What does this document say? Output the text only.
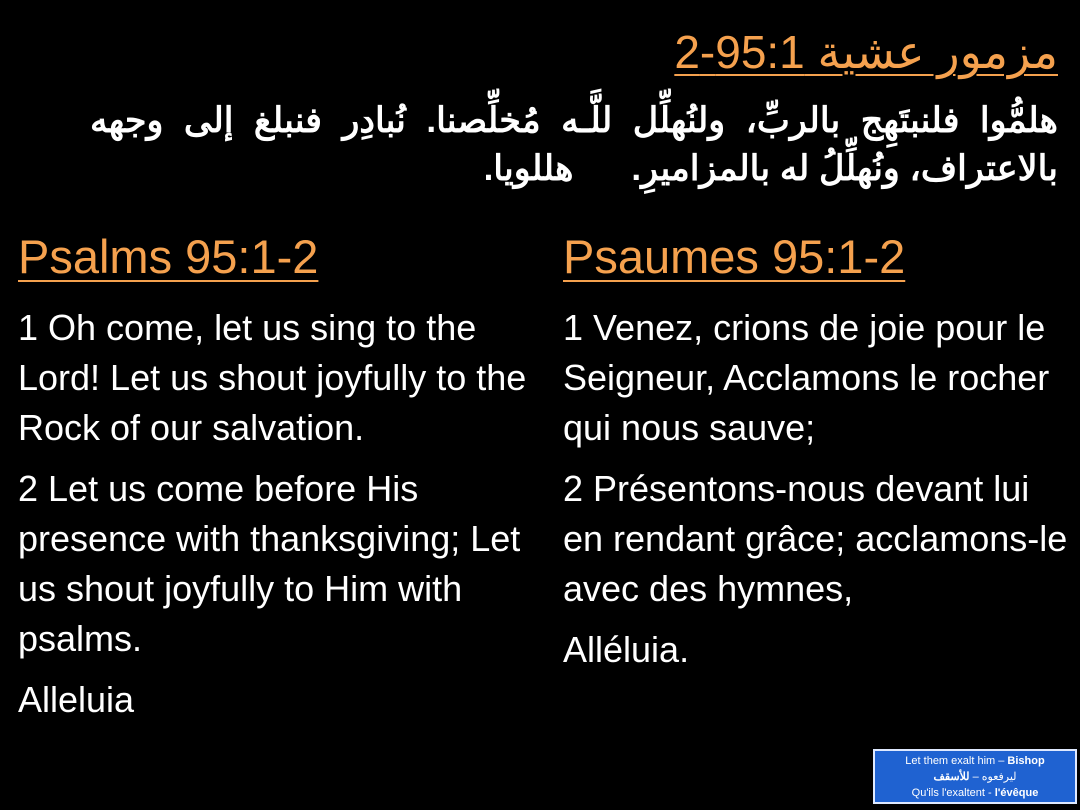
مزمور عشية 95:1-2
هلمُّوا فلنبتَهِج بالربِّ، ولنُهلِّل للَّـه مُخلِّصنا. نُبادِر فنبلغ إلى وجهه بالاعتراف، ونُهلِّلُ له بالمزاميرِ.هللويا.

Psalms 95:1-2

1 Oh come, let us sing to the Lord! Let us shout joyfully to the Rock of our salvation.

2 Let us come before His presence with thanksgiving; Let us shout joyfully to Him with psalms.

Alleluia

Psaumes 95:1-2

1 Venez, crions de joie pour le Seigneur, Acclamons le rocher qui nous sauve;

2 Présentons-nous devant lui en rendant grâce; acclamons-le avec des hymnes,

Alléluia.

Let them exalt him – Bishop
ليرفعوه – للأسقف
Qu'ils l'exaltent - l'évêque
